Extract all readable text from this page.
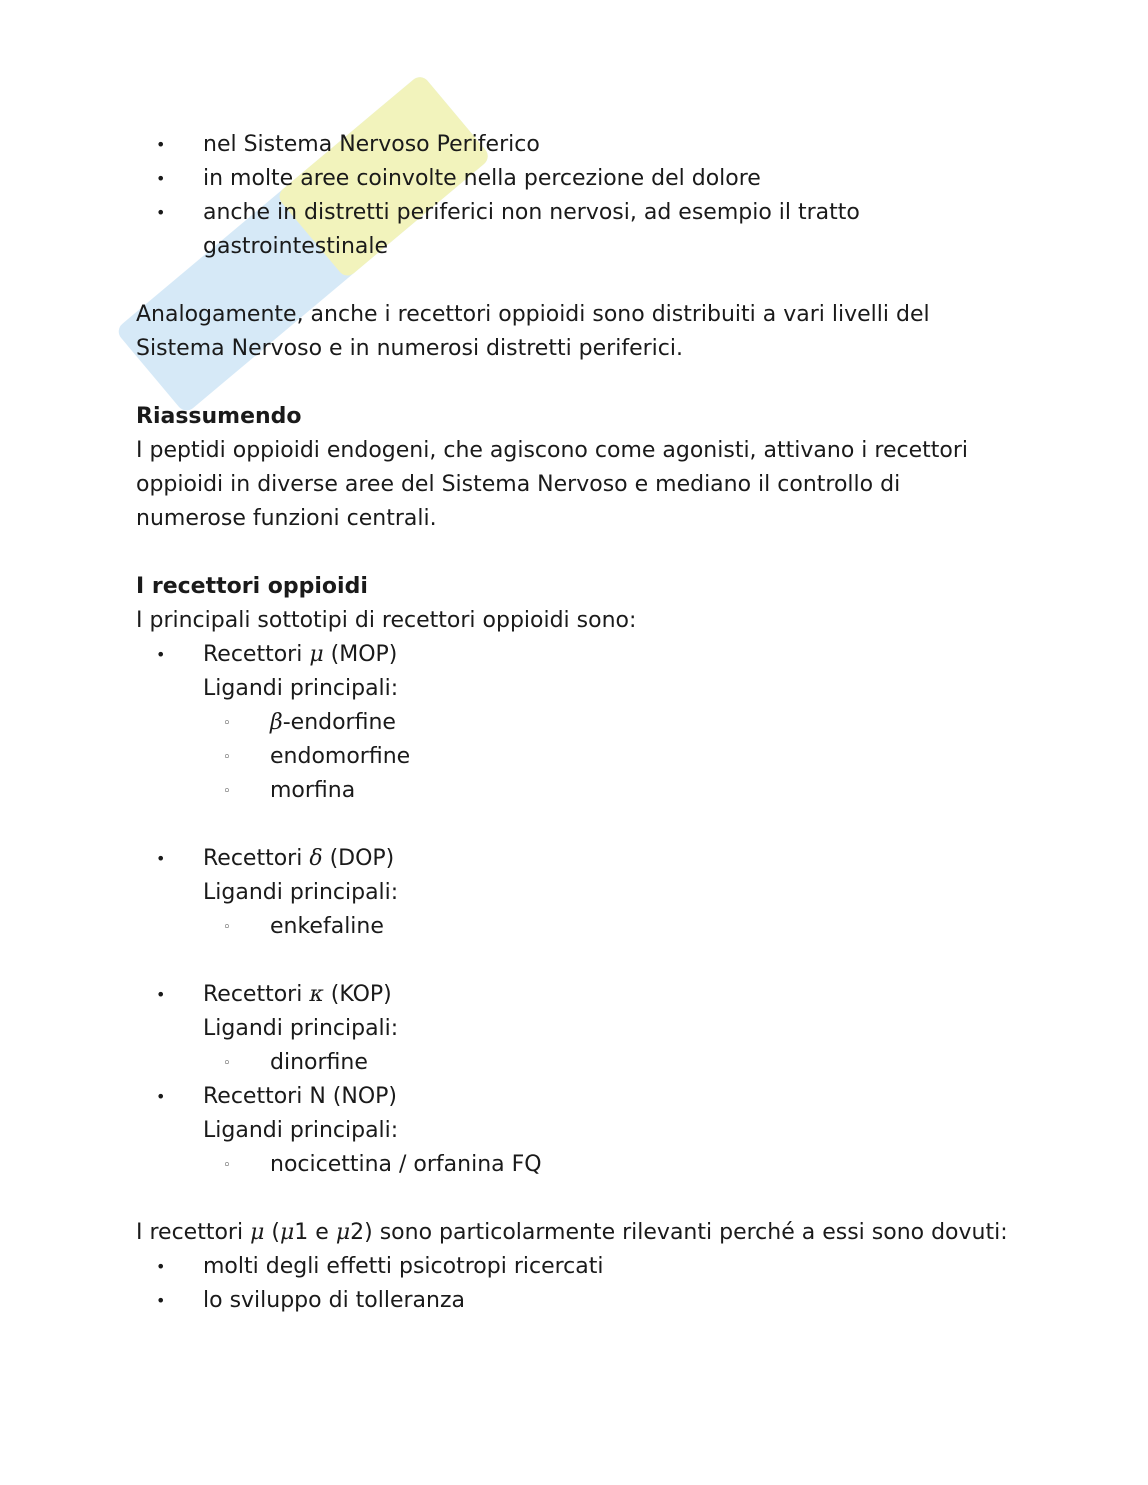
• nel Sistema Nervoso Periferico
• in molte aree coinvolte nella percezione del dolore
• anche in distretti periferici non nervosi, ad esempio il tratto gastrointestinale

Analogamente, anche i recettori oppioidi sono distribuiti a vari livelli del Sistema Nervoso e in numerosi distretti periferici.

Riassumendo

I peptidi oppioidi endogeni, che agiscono come agonisti, attivano i recettori oppioidi in diverse aree del Sistema Nervoso e mediano il controllo di numerose funzioni centrali.

I recettori oppioidi

I principali sottotipi di recettori oppioidi sono:

• Recettori μ (MOP)
Ligandi principali:
◦ β-endorfine
◦ endomorfine
◦ morfina
• Recettori δ (DOP)
Ligandi principali:
◦ enkefaline
• Recettori κ (KOP)
Ligandi principali:
◦ dinorfine
• Recettori N (NOP)
Ligandi principali:
◦ nocicettina / orfanina FQ

I recettori μ (μ1 e μ2) sono particolarmente rilevanti perché a essi sono dovuti:

• molti degli effetti psicotropi ricercati
• lo sviluppo di tolleranza
